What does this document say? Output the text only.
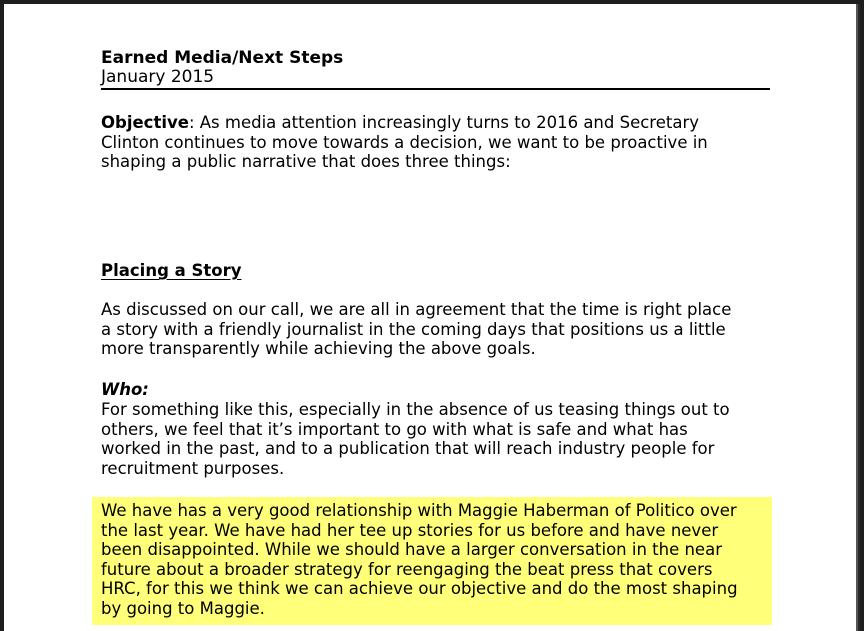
Earned Media/Next Steps
January 2015
Objective: As media attention increasingly turns to 2016 and Secretary
Clinton continues to move towards a decision, we want to be proactive in
shaping a public narrative that does three things:
Placing a Story
As discussed on our call, we are all in agreement that the time is right place
a story with a friendly journalist in the coming days that positions us a little
more transparently while achieving the above goals.
Who:
For something like this, especially in the absence of us teasing things out to
others, we feel that it’s important to go with what is safe and what has
worked in the past, and to a publication that will reach industry people for
recruitment purposes.
We have has a very good relationship with Maggie Haberman of Politico over
the last year. We have had her tee up stories for us before and have never
been disappointed. While we should have a larger conversation in the near
future about a broader strategy for reengaging the beat press that covers
HRC, for this we think we can achieve our objective and do the most shaping
by going to Maggie.
